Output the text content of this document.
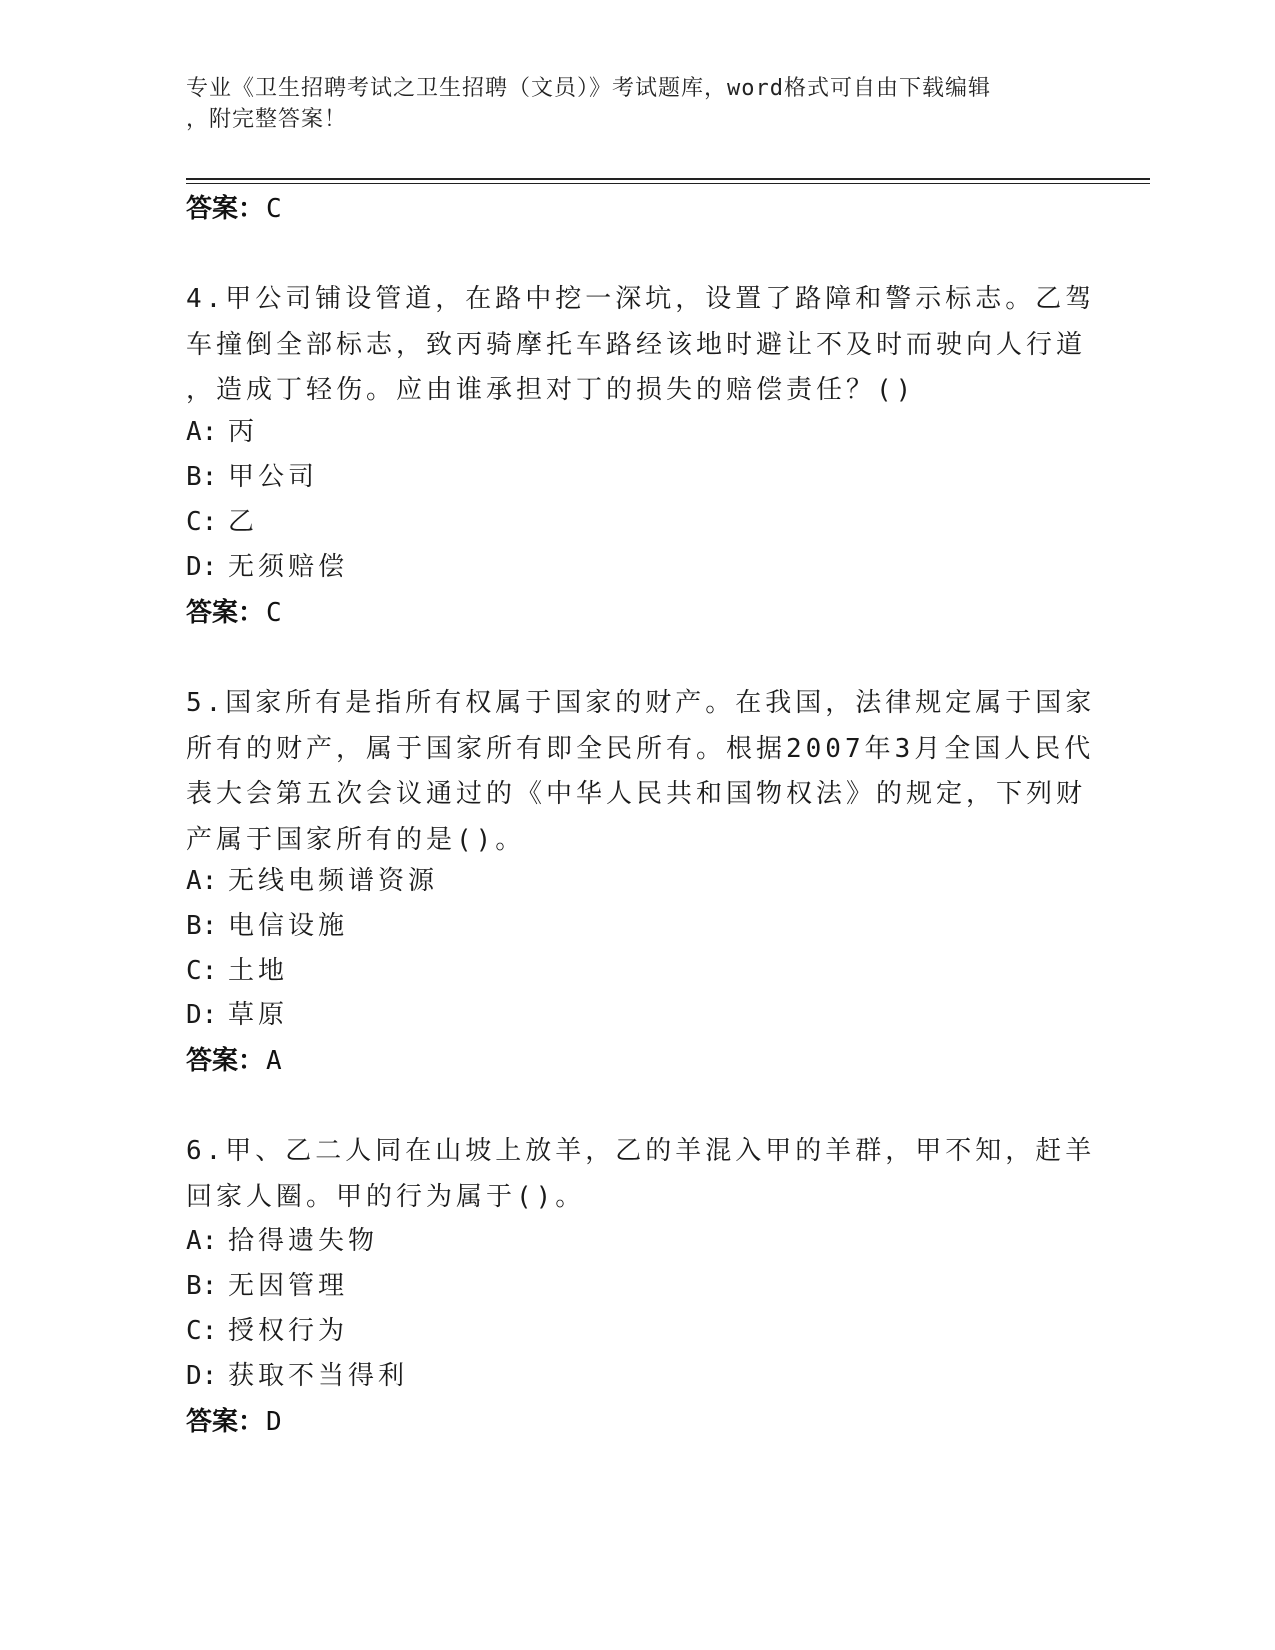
专业《卫生招聘考试之卫生招聘（文员）》考试题库，word格式可自由下载编辑
，附完整答案！
答案：C
4.甲公司铺设管道，在路中挖一深坑，设置了路障和警示标志。乙驾
车撞倒全部标志，致丙骑摩托车路经该地时避让不及时而驶向人行道
，造成丁轻伤。应由谁承担对丁的损失的赔偿责任？()
A: 丙
B: 甲公司
C: 乙
D: 无须赔偿
答案：C
5.国家所有是指所有权属于国家的财产。在我国，法律规定属于国家
所有的财产，属于国家所有即全民所有。根据2007年3月全国人民代
表大会第五次会议通过的《中华人民共和国物权法》的规定，下列财
产属于国家所有的是()。
A: 无线电频谱资源
B: 电信设施
C: 土地
D: 草原
答案：A
6.甲、乙二人同在山坡上放羊，乙的羊混入甲的羊群，甲不知，赶羊
回家人圈。甲的行为属于()。
A: 拾得遗失物
B: 无因管理
C: 授权行为
D: 获取不当得利
答案：D
